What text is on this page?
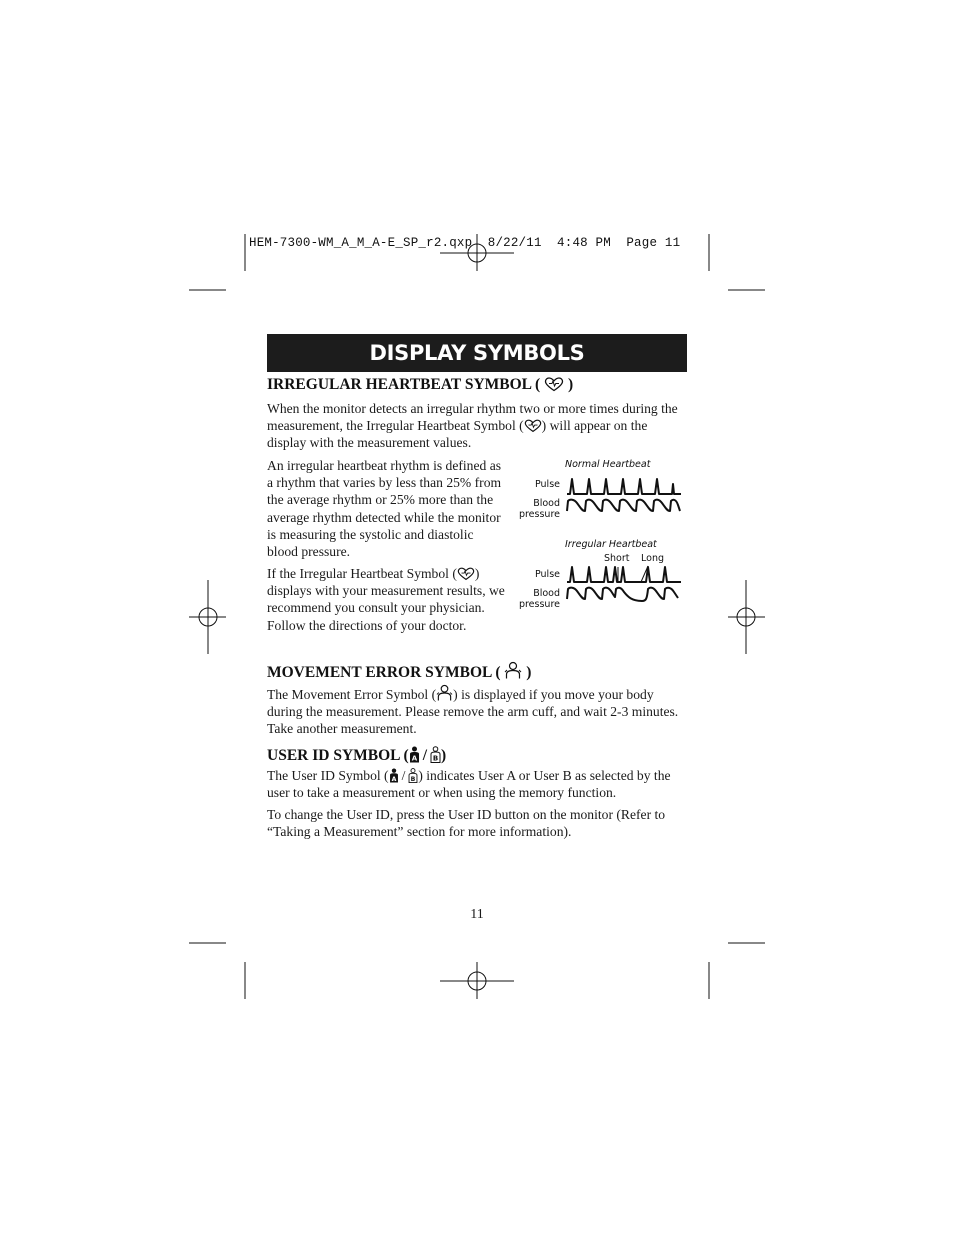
HEM-7300-WM_A_M_A-E_SP_r2.qxp  8/22/11  4:48 PM  Page 11
DISPLAY SYMBOLS
IRREGULAR HEARTBEAT SYMBOL ( )
When the monitor detects an irregular rhythm two or more times during the measurement, the Irregular Heartbeat Symbol ( ) will appear on the display with the measurement values.
An irregular heartbeat rhythm is defined as a rhythm that varies by less than 25% from the average rhythm or 25% more than the average rhythm detected while the monitor is measuring the systolic and diastolic blood pressure.
If the Irregular Heartbeat Symbol ( ) displays with your measurement results, we recommend you consult your physician. Follow the directions of your doctor.
Normal Heartbeat
Pulse
Blood
pressure
Irregular Heartbeat
Short Long
Pulse
Blood
pressure
MOVEMENT ERROR SYMBOL ( )
The Movement Error Symbol ( ) is displayed if you move your body during the measurement. Please remove the arm cuff, and wait 2-3 minutes. Take another measurement.
USER ID SYMBOL ( A / B )
The User ID Symbol ( A / B ) indicates User A or User B as selected by the user to take a measurement or when using the memory function.
To change the User ID, press the User ID button on the monitor (Refer to “Taking a Measurement” section for more information).
11
